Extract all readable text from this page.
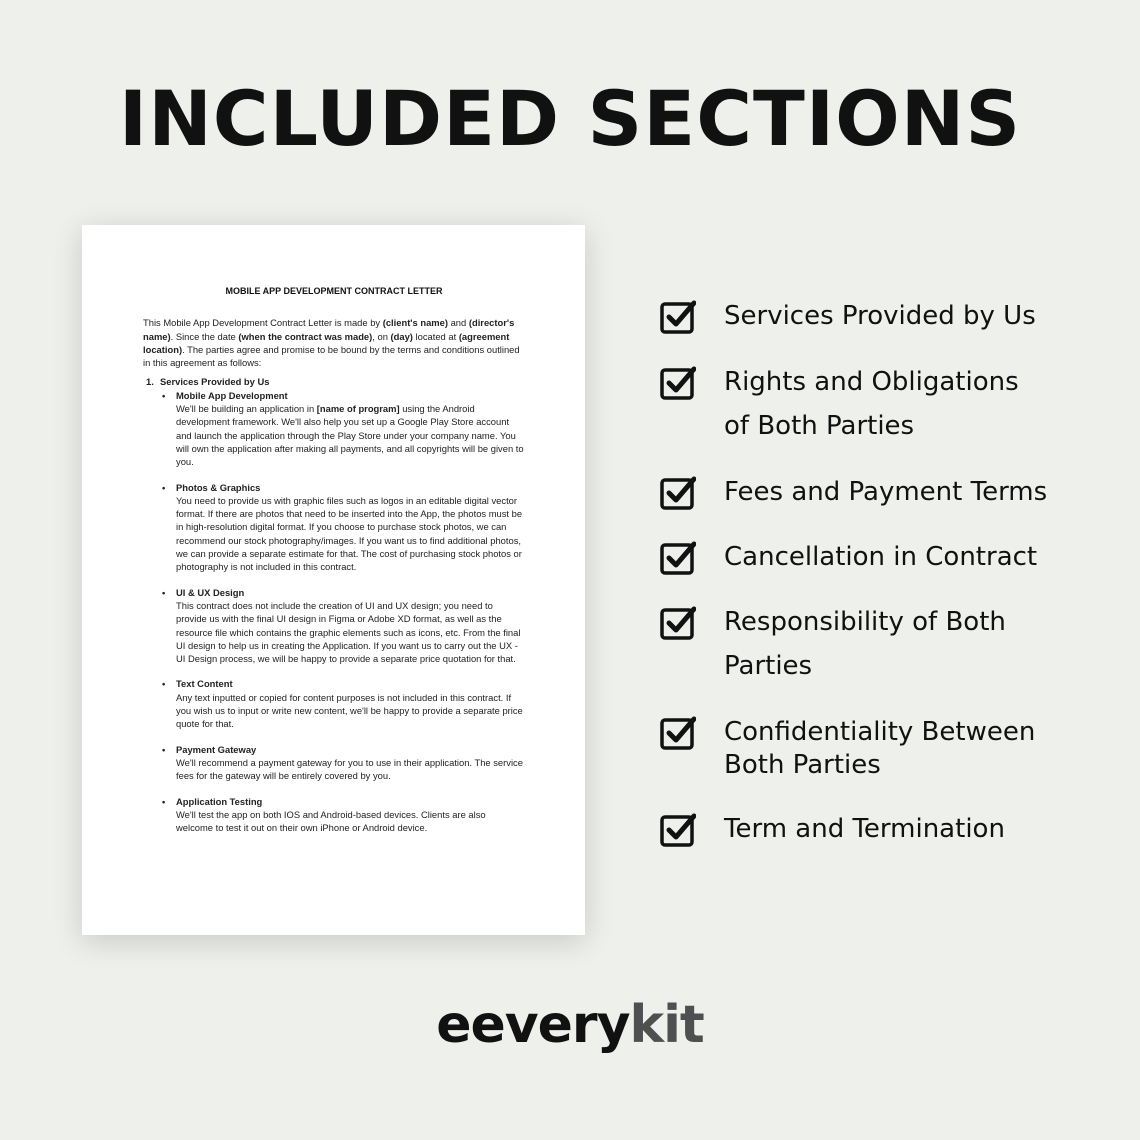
INCLUDED SECTIONS
MOBILE APP DEVELOPMENT CONTRACT LETTER

This Mobile App Development Contract Letter is made by (client's name) and (director's name). Since the date (when the contract was made), on (day) located at (agreement location). The parties agree and promise to be bound by the terms and conditions outlined in this agreement as follows:

1. Services Provided by Us
• Mobile App Development
We'll be building an application in [name of program] using the Android development framework. We'll also help you set up a Google Play Store account and launch the application through the Play Store under your company name. You will own the application after making all payments, and all copyrights will be given to you.
• Photos & Graphics
You need to provide us with graphic files such as logos in an editable digital vector format. If there are photos that need to be inserted into the App, the photos must be in high-resolution digital format. If you choose to purchase stock photos, we can recommend our stock photography/images. If you want us to find additional photos, we can provide a separate estimate for that. The cost of purchasing stock photos or photography is not included in this contract.
• UI & UX Design
This contract does not include the creation of UI and UX design; you need to provide us with the final UI design in Figma or Adobe XD format, as well as the resource file which contains the graphic elements such as icons, etc. From the final UI design to help us in creating the Application. If you want us to carry out the UX - UI Design process, we will be happy to provide a separate price quotation for that.
• Text Content
Any text inputted or copied for content purposes is not included in this contract. If you wish us to input or write new content, we'll be happy to provide a separate price quote for that.
• Payment Gateway
We'll recommend a payment gateway for you to use in their application. The service fees for the gateway will be entirely covered by you.
• Application Testing
We'll test the app on both IOS and Android-based devices. Clients are also welcome to test it out on their own iPhone or Android device.
Services Provided by Us
Rights and Obligations
of Both Parties
Fees and Payment Terms
Cancellation in Contract
Responsibility of Both
Parties
Confidentiality Between
Both Parties
Term and Termination
eeverykit
